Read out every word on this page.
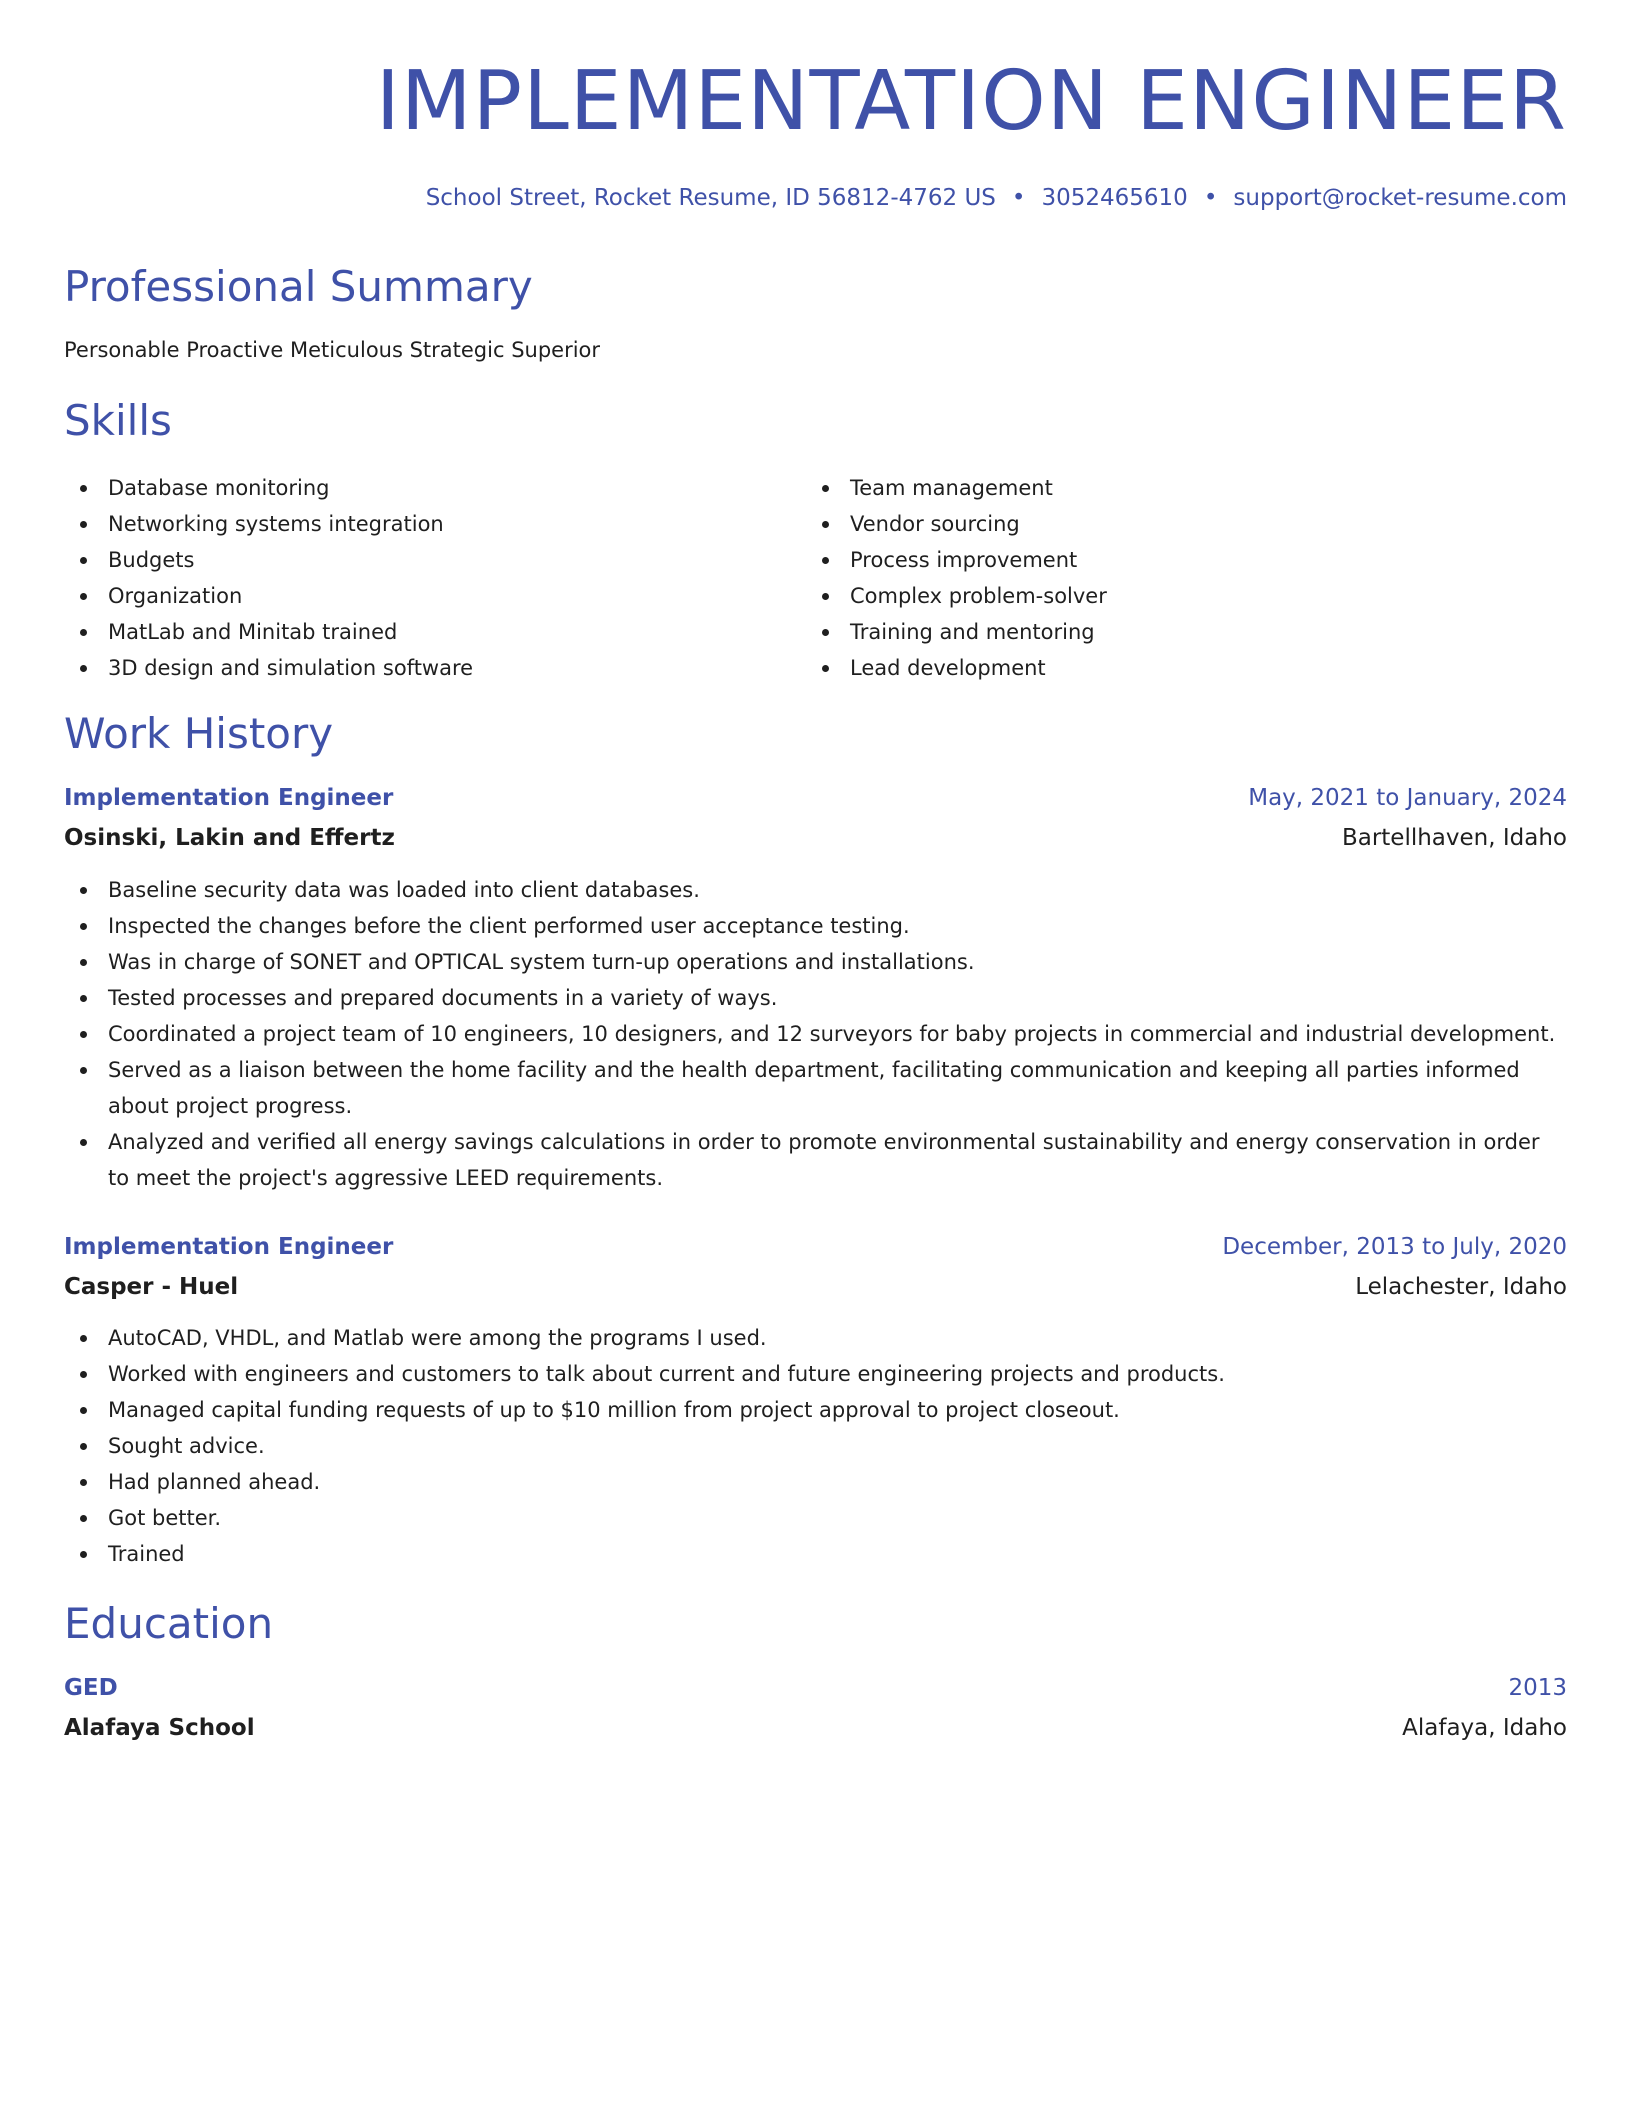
IMPLEMENTATION ENGINEER
School Street, Rocket Resume, ID 56812-4762 US • 3052465610 • support@rocket-resume.com
Professional Summary
Personable Proactive Meticulous Strategic Superior
Skills
Database monitoring
Networking systems integration
Budgets
Organization
MatLab and Minitab trained
3D design and simulation software
Team management
Vendor sourcing
Process improvement
Complex problem-solver
Training and mentoring
Lead development
Work History
Implementation Engineer	May, 2021 to January, 2024
Osinski, Lakin and Effertz	Bartellhaven, Idaho
Baseline security data was loaded into client databases.
Inspected the changes before the client performed user acceptance testing.
Was in charge of SONET and OPTICAL system turn-up operations and installations.
Tested processes and prepared documents in a variety of ways.
Coordinated a project team of 10 engineers, 10 designers, and 12 surveyors for baby projects in commercial and industrial development.
Served as a liaison between the home facility and the health department, facilitating communication and keeping all parties informed about project progress.
Analyzed and verified all energy savings calculations in order to promote environmental sustainability and energy conservation in order to meet the project's aggressive LEED requirements.
Implementation Engineer	December, 2013 to July, 2020
Casper - Huel	Lelachester, Idaho
AutoCAD, VHDL, and Matlab were among the programs I used.
Worked with engineers and customers to talk about current and future engineering projects and products.
Managed capital funding requests of up to $10 million from project approval to project closeout.
Sought advice.
Had planned ahead.
Got better.
Trained
Education
GED	2013
Alafaya School	Alafaya, Idaho
